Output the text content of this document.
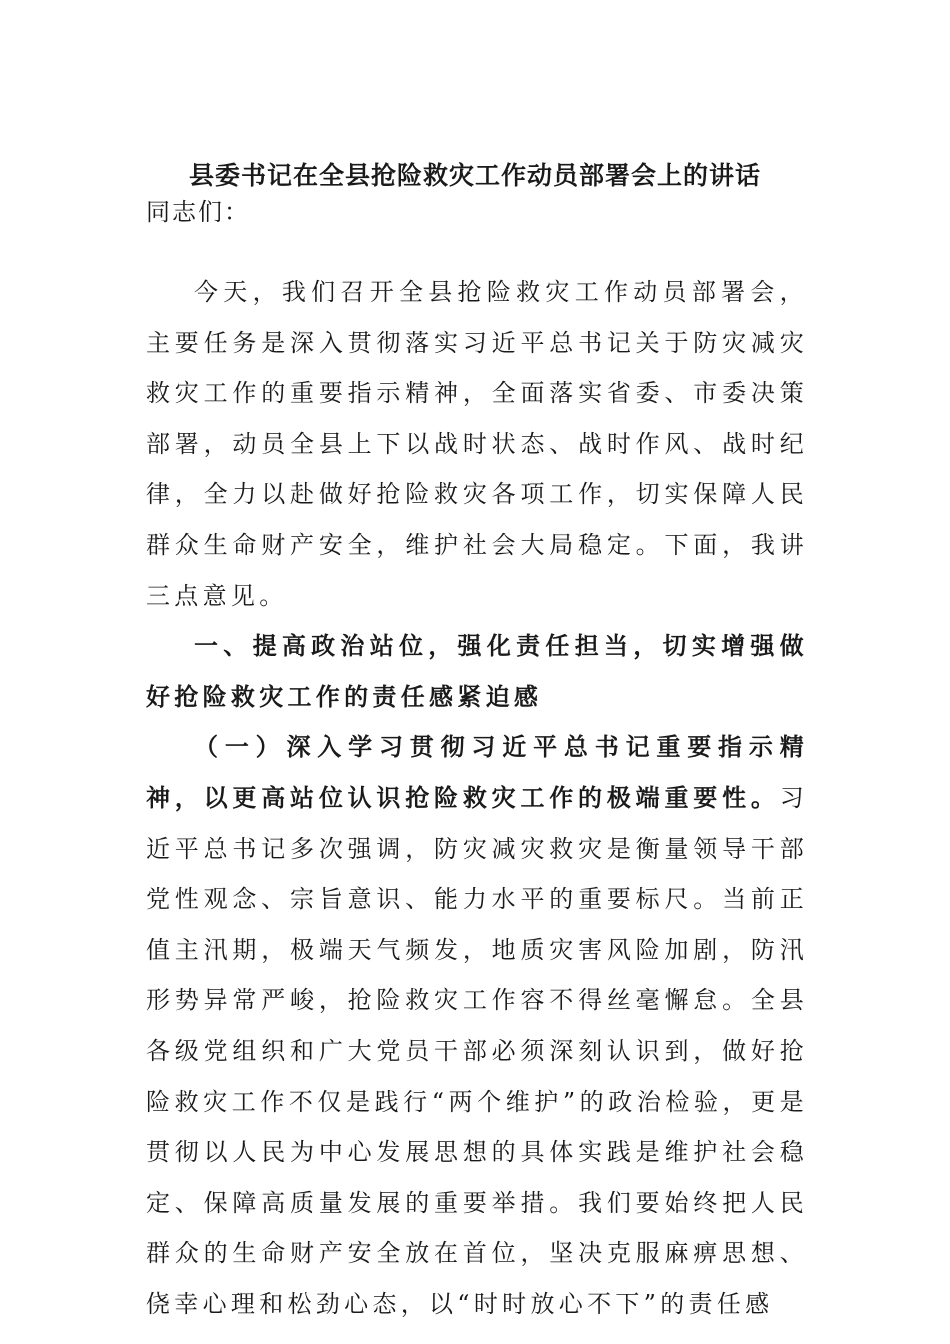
县委书记在全县抢险救灾工作动员部署会上的讲话

同志们：

今天，我们召开全县抢险救灾工作动员部署会，主要任务是深入贯彻落实习近平总书记关于防灾减灾救灾工作的重要指示精神，全面落实省委、市委决策部署，动员全县上下以战时状态、战时作风、战时纪律，全力以赴做好抢险救灾各项工作，切实保障人民群众生命财产安全，维护社会大局稳定。下面，我讲三点意见。

一、提高政治站位，强化责任担当，切实增强做好抢险救灾工作的责任感紧迫感

（一）深入学习贯彻习近平总书记重要指示精神，以更高站位认识抢险救灾工作的极端重要性。习近平总书记多次强调，防灾减灾救灾是衡量领导干部党性观念、宗旨意识、能力水平的重要标尺。当前正值主汛期，极端天气频发，地质灾害风险加剧，防汛形势异常严峻，抢险救灾工作容不得丝毫懈怠。全县各级党组织和广大党员干部必须深刻认识到，做好抢险救灾工作不仅是践行“两个维护”的政治检验，更是贯彻以人民为中心发展思想的具体实践是维护社会稳定、保障高质量发展的重要举措。我们要始终把人民群众的生命财产安全放在首位，坚决克服麻痹思想、侥幸心理和松劲心态，以“时时放心不下”的责任感
